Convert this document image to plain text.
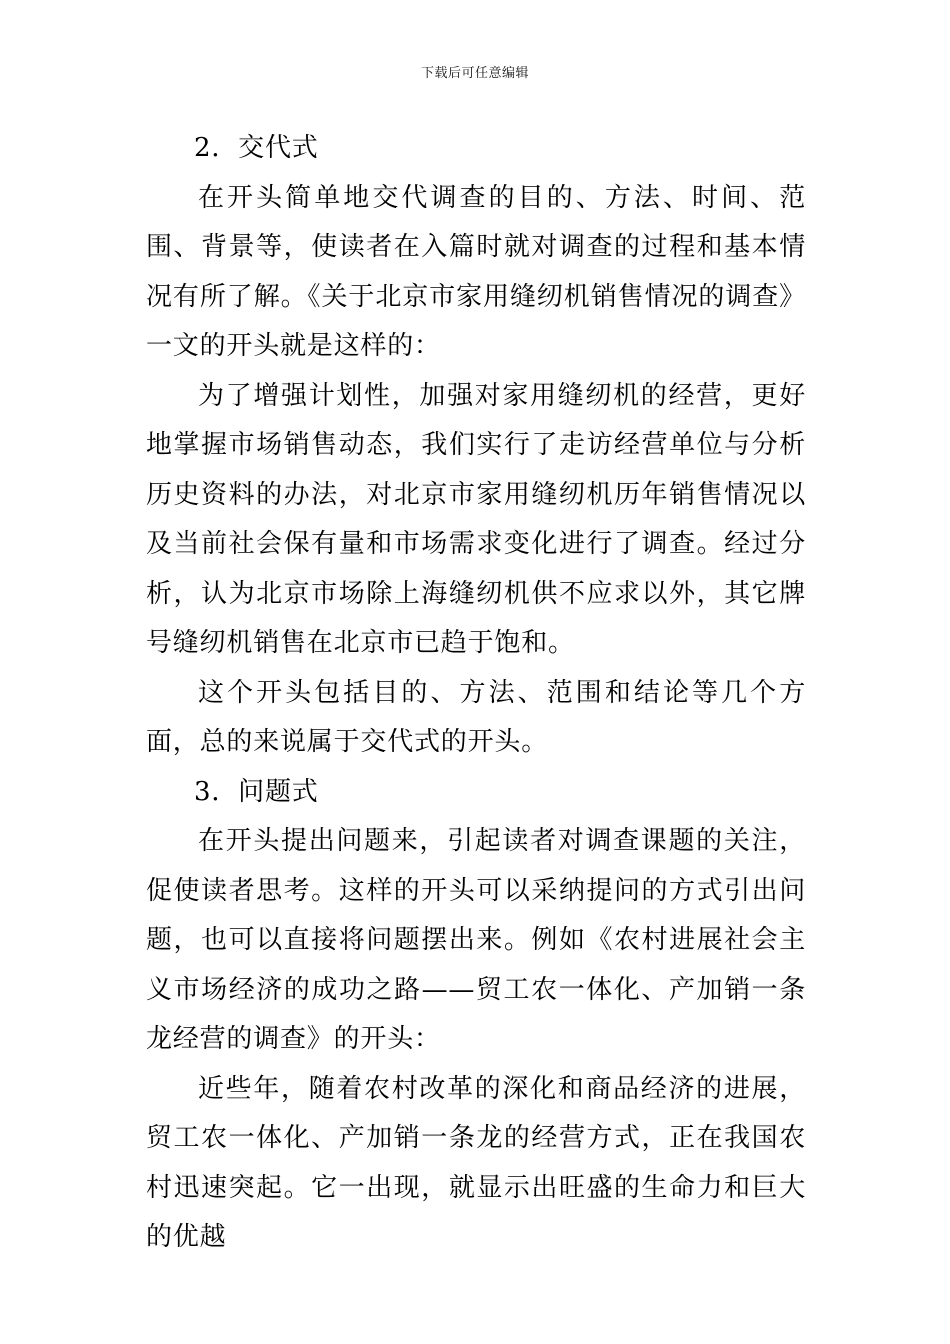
下载后可任意编辑

2．交代式

在开头简单地交代调查的目的、方法、时间、范围、背景等，使读者在入篇时就对调查的过程和基本情况有所了解。《关于北京市家用缝纫机销售情况的调查》一文的开头就是这样的：

为了增强计划性，加强对家用缝纫机的经营，更好地掌握市场销售动态，我们实行了走访经营单位与分析历史资料的办法，对北京市家用缝纫机历年销售情况以及当前社会保有量和市场需求变化进行了调查。经过分析，认为北京市场除上海缝纫机供不应求以外，其它牌号缝纫机销售在北京市已趋于饱和。

这个开头包括目的、方法、范围和结论等几个方面，总的来说属于交代式的开头。

3．问题式

在开头提出问题来，引起读者对调查课题的关注，促使读者思考。这样的开头可以采纳提问的方式引出问题，也可以直接将问题摆出来。例如《农村进展社会主义市场经济的成功之路——贸工农一体化、产加销一条龙经营的调查》的开头：

近些年，随着农村改革的深化和商品经济的进展，贸工农一体化、产加销一条龙的经营方式，正在我国农村迅速突起。它一出现，就显示出旺盛的生命力和巨大的优越
